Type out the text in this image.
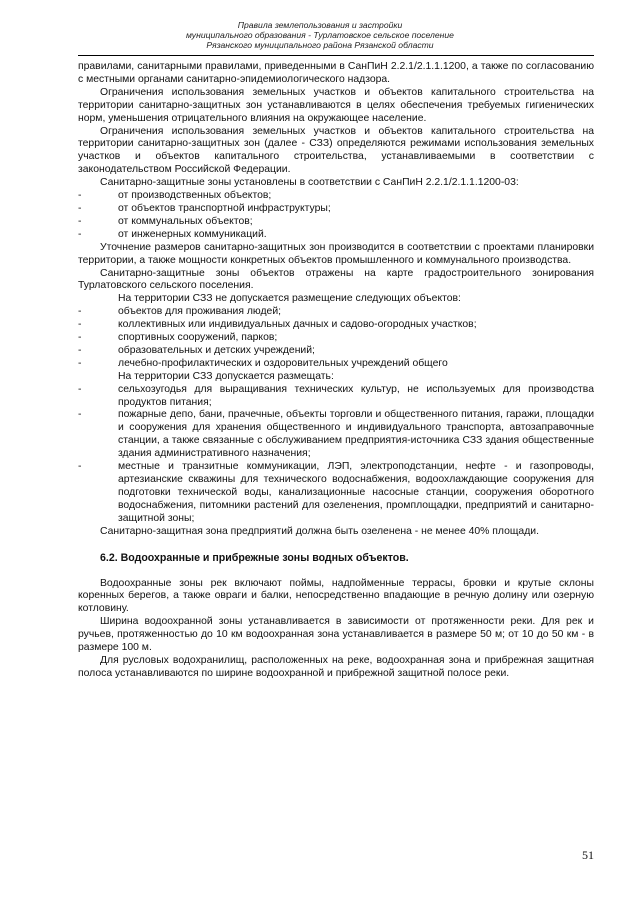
Правила землепользования и застройки
муниципального образования - Турлатовское сельское поселение
Рязанского муниципального района Рязанской области

правилами, санитарными правилами, приведенными в СанПиН 2.2.1/2.1.1.1200, а также по согласованию с местными органами санитарно-эпидемиологического надзора.

Ограничения использования земельных участков и объектов капитального строительства на территории санитарно-защитных зон устанавливаются в целях обеспечения требуемых гигиенических норм, уменьшения отрицательного влияния на окружающее население.

Ограничения использования земельных участков и объектов капитального строительства на территории санитарно-защитных зон (далее - СЗЗ) определяются режимами использования земельных участков и объектов капитального строительства, устанавливаемыми в соответствии с законодательством Российской Федерации.

Санитарно-защитные зоны установлены в соответствии с СанПиН 2.2.1/2.1.1.1200-03:

- от производственных объектов;
- от объектов транспортной инфраструктуры;
- от коммунальных объектов;
- от инженерных коммуникаций.

Уточнение размеров санитарно-защитных зон производится в соответствии с проектами планировки территории, а также мощности конкретных объектов промышленного и коммунального производства.

Санитарно-защитные зоны объектов отражены на карте градостроительного зонирования Турлатовского сельского поселения.

На территории СЗЗ не допускается размещение следующих объектов:

- объектов для проживания людей;
- коллективных или индивидуальных дачных и садово-огородных участков;
- спортивных сооружений, парков;
- образовательных и детских учреждений;
- лечебно-профилактических и оздоровительных учреждений общего

На территории СЗЗ допускается размещать:

- сельхозугодья для выращивания технических культур, не используемых для производства продуктов питания;
- пожарные депо, бани, прачечные, объекты торговли и общественного питания, гаражи, площадки и сооружения для хранения общественного и индивидуального транспорта, автозаправочные станции, а также связанные с обслуживанием предприятия-источника СЗЗ здания общественные здания административного назначения;
- местные и транзитные коммуникации, ЛЭП, электроподстанции, нефте - и газопроводы, артезианские скважины для технического водоснабжения, водоохлаждающие сооружения для подготовки технической воды, канализационные насосные станции, сооружения оборотного водоснабжения, питомники растений для озеленения, промплощадки, предприятий и санитарно-защитной зоны;

Санитарно-защитная зона предприятий должна быть озеленена - не менее 40% площади.

6.2. Водоохранные и прибрежные зоны водных объектов.

Водоохранные зоны рек включают поймы, надпойменные террасы, бровки и крутые склоны коренных берегов, а также овраги и балки, непосредственно впадающие в речную долину или озерную котловину.

Ширина водоохранной зоны устанавливается в зависимости от протяженности реки. Для рек и ручьев, протяженностью до 10 км водоохранная зона устанавливается в размере 50 м; от 10 до 50 км - в размере 100 м.

Для русловых водохранилищ, расположенных на реке, водоохранная зона и прибрежная защитная полоса устанавливаются по ширине водоохранной и прибрежной защитной полосе реки.

51
